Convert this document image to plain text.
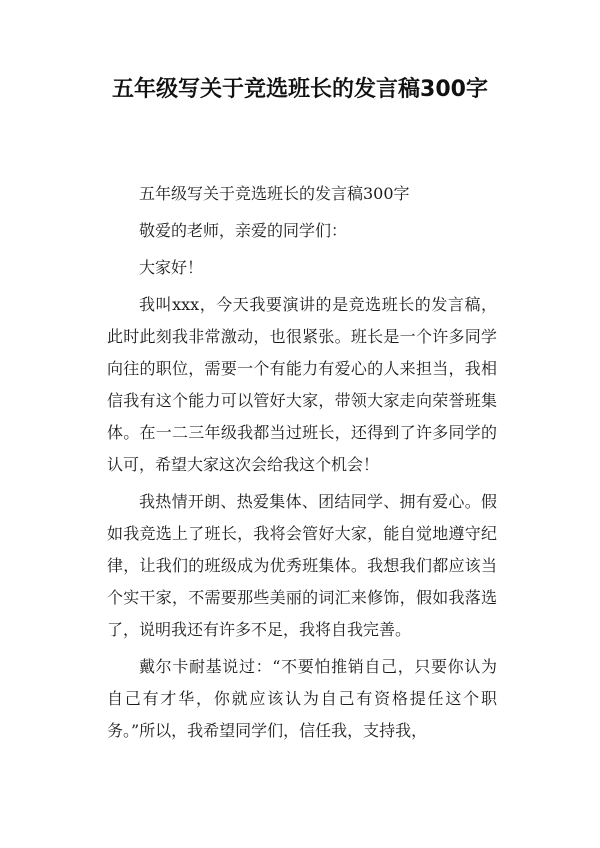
五年级写关于竞选班长的发言稿300字

五年级写关于竞选班长的发言稿300字

敬爱的老师，亲爱的同学们：

大家好！

我叫xxx，今天我要演讲的是竞选班长的发言稿，此时此刻我非常激动，也很紧张。班长是一个许多同学向往的职位，需要一个有能力有爱心的人来担当，我相信我有这个能力可以管好大家，带领大家走向荣誉班集体。在一二三年级我都当过班长，还得到了许多同学的认可，希望大家这次会给我这个机会！

我热情开朗、热爱集体、团结同学、拥有爱心。假如我竞选上了班长，我将会管好大家，能自觉地遵守纪律，让我们的班级成为优秀班集体。我想我们都应该当个实干家，不需要那些美丽的词汇来修饰，假如我落选了，说明我还有许多不足，我将自我完善。

戴尔卡耐基说过：“不要怕推销自己，只要你认为自己有才华，你就应该认为自己有资格提任这个职务。”所以，我希望同学们，信任我，支持我，
